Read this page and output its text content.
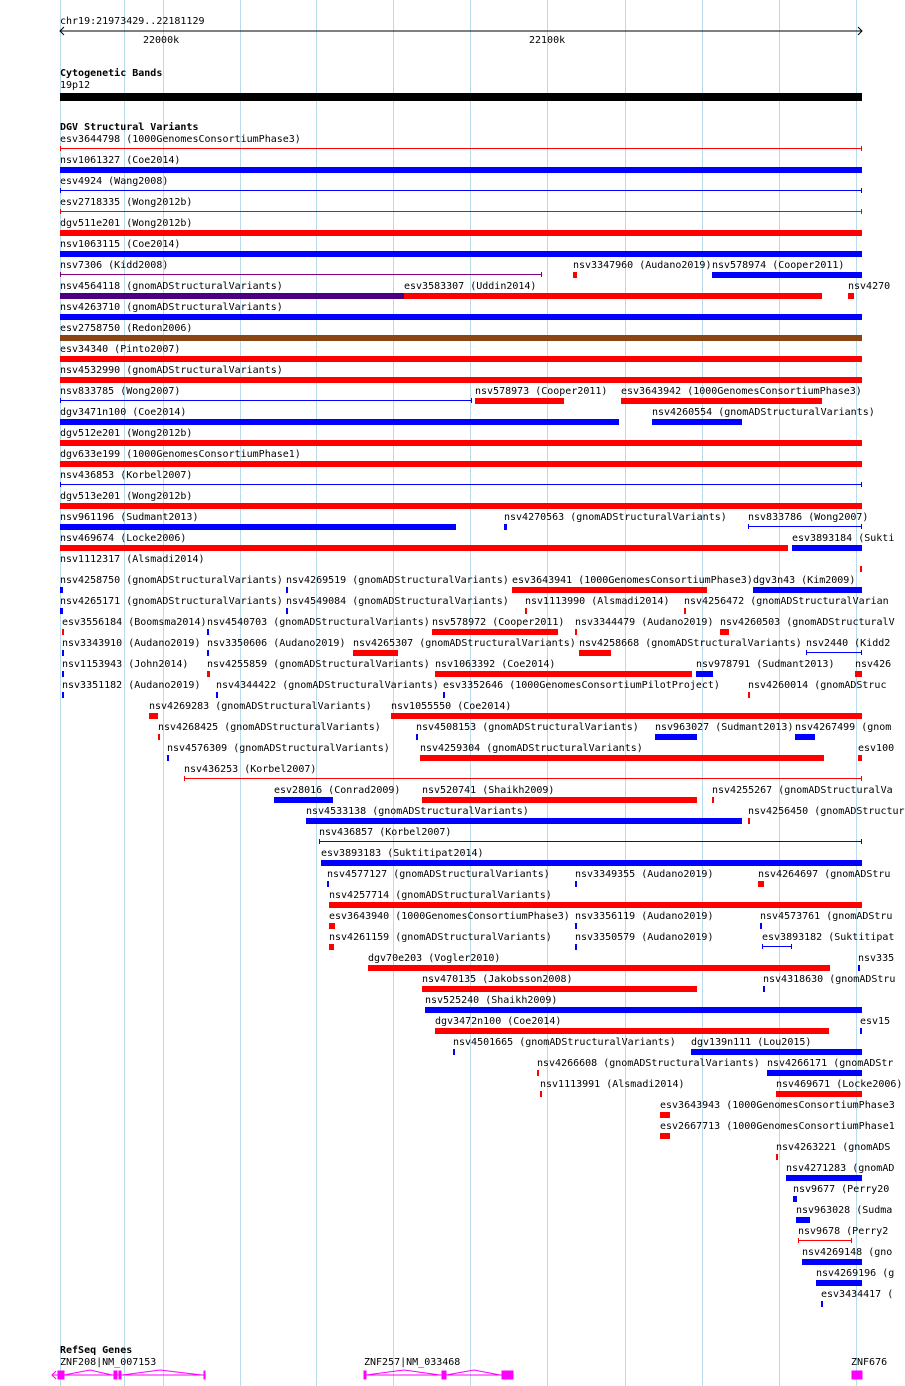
chr19:21973429..22181129
22000k	22100k
Cytogenetic Bands
19p12
DGV Structural Variants
esv3644798 (1000GenomesConsortiumPhase3)
nsv1061327 (Coe2014)
esv4924 (Wang2008)
esv2718335 (Wong2012b)
dgv511e201 (Wong2012b)
nsv1063115 (Coe2014)
nsv7306 (Kidd2008)	nsv3347960 (Audano2019) nsv578974 (Cooper2011)
nsv4564118 (gnomADStructuralVariants)	esv3583307 (Uddin2014)	nsv4270
nsv4263710 (gnomADStructuralVariants)
esv2758750 (Redon2006)
esv34340 (Pinto2007)
nsv4532990 (gnomADStructuralVariants)
nsv833785 (Wong2007)	nsv578973 (Cooper2011) esv3643942 (1000GenomesConsortiumPhase3)
dgv3471n100 (Coe2014)	nsv4260554 (gnomADStructuralVariants)
dgv512e201 (Wong2012b)
dgv633e199 (1000GenomesConsortiumPhase1)
nsv436853 (Korbel2007)
dgv513e201 (Wong2012b)
nsv961196 (Sudmant2013)	nsv4270563 (gnomADStructuralVariants) nsv833786 (Wong2007)
nsv469674 (Locke2006)	esv3893184 (Sukti
nsv1112317 (Alsmadi2014)
nsv4258750 (gnomADStructuralVariants) nsv4269519 (gnomADStructuralVariants) esv3643941 (1000GenomesConsortiumPhase3) dgv3n43 (Kim2009)
nsv4265171 (gnomADStructuralVariants) nsv4549084 (gnomADStructuralVariants) nsv1113990 (Alsmadi2014) nsv4256472 (gnomADStructuralVarian
esv3556184 (Boomsma2014) nsv4540703 (gnomADStructuralVariants) nsv578972 (Cooper2011) nsv3344479 (Audano2019) nsv4260503 (gnomADStructuralV
nsv3343910 (Audano2019) nsv3350606 (Audano2019) nsv4265307 (gnomADStructuralVariants) nsv4258668 (gnomADStructuralVariants) nsv2440 (Kidd2
nsv1153943 (John2014) nsv4255859 (gnomADStructuralVariants) nsv1063392 (Coe2014)	nsv978791 (Sudmant2013) nsv426
nsv3351182 (Audano2019) nsv4344422 (gnomADStructuralVariants) esv3352646 (1000GenomesConsortiumPilotProject)	nsv4260014 (gnomADStruc
nsv4269283 (gnomADStructuralVariants) nsv1055550 (Coe2014)
nsv4268425 (gnomADStructuralVariants)	nsv4508153 (gnomADStructuralVariants) nsv963027 (Sudmant2013) nsv4267499 (gnom
nsv4576309 (gnomADStructuralVariants)	nsv4259304 (gnomADStructuralVariants)	esv100
nsv436253 (Korbel2007)
esv28016 (Conrad2009) nsv520741 (Shaikh2009)	nsv4255267 (gnomADStructuralVa
nsv4533138 (gnomADStructuralVariants)	nsv4256450 (gnomADStructur
nsv436857 (Korbel2007)
esv3893183 (Suktitipat2014)
nsv4577127 (gnomADStructuralVariants)	nsv3349355 (Audano2019)	nsv4264697 (gnomADStru
nsv4257714 (gnomADStructuralVariants)
esv3643940 (1000GenomesConsortiumPhase3) nsv3356119 (Audano2019)	nsv4573761 (gnomADStru
nsv4261159 (gnomADStructuralVariants) nsv3350579 (Audano2019)	esv3893182 (Suktitipat
dgv70e203 (Vogler2010)	nsv335
nsv470135 (Jakobsson2008)	nsv4318630 (gnomADStru
nsv525240 (Shaikh2009)
dgv3472n100 (Coe2014)	esv15
nsv4501665 (gnomADStructuralVariants) dgv139n111 (Lou2015)
nsv4266608 (gnomADStructuralVariants) nsv4266171 (gnomADStr
nsv1113991 (Alsmadi2014)	nsv469671 (Locke2006)
esv3643943 (1000GenomesConsortiumPhase3
esv2667713 (1000GenomesConsortiumPhase1
nsv4263221 (gnomADS
nsv4271283 (gnomAD
nsv9677 (Perry20
nsv963028 (Sudma
nsv9678 (Perry2
nsv4269148 (gno
nsv4269196 (g
esv3434417 (
RefSeq Genes
ZNF208|NM_007153	ZNF257|NM_033468	ZNF676
